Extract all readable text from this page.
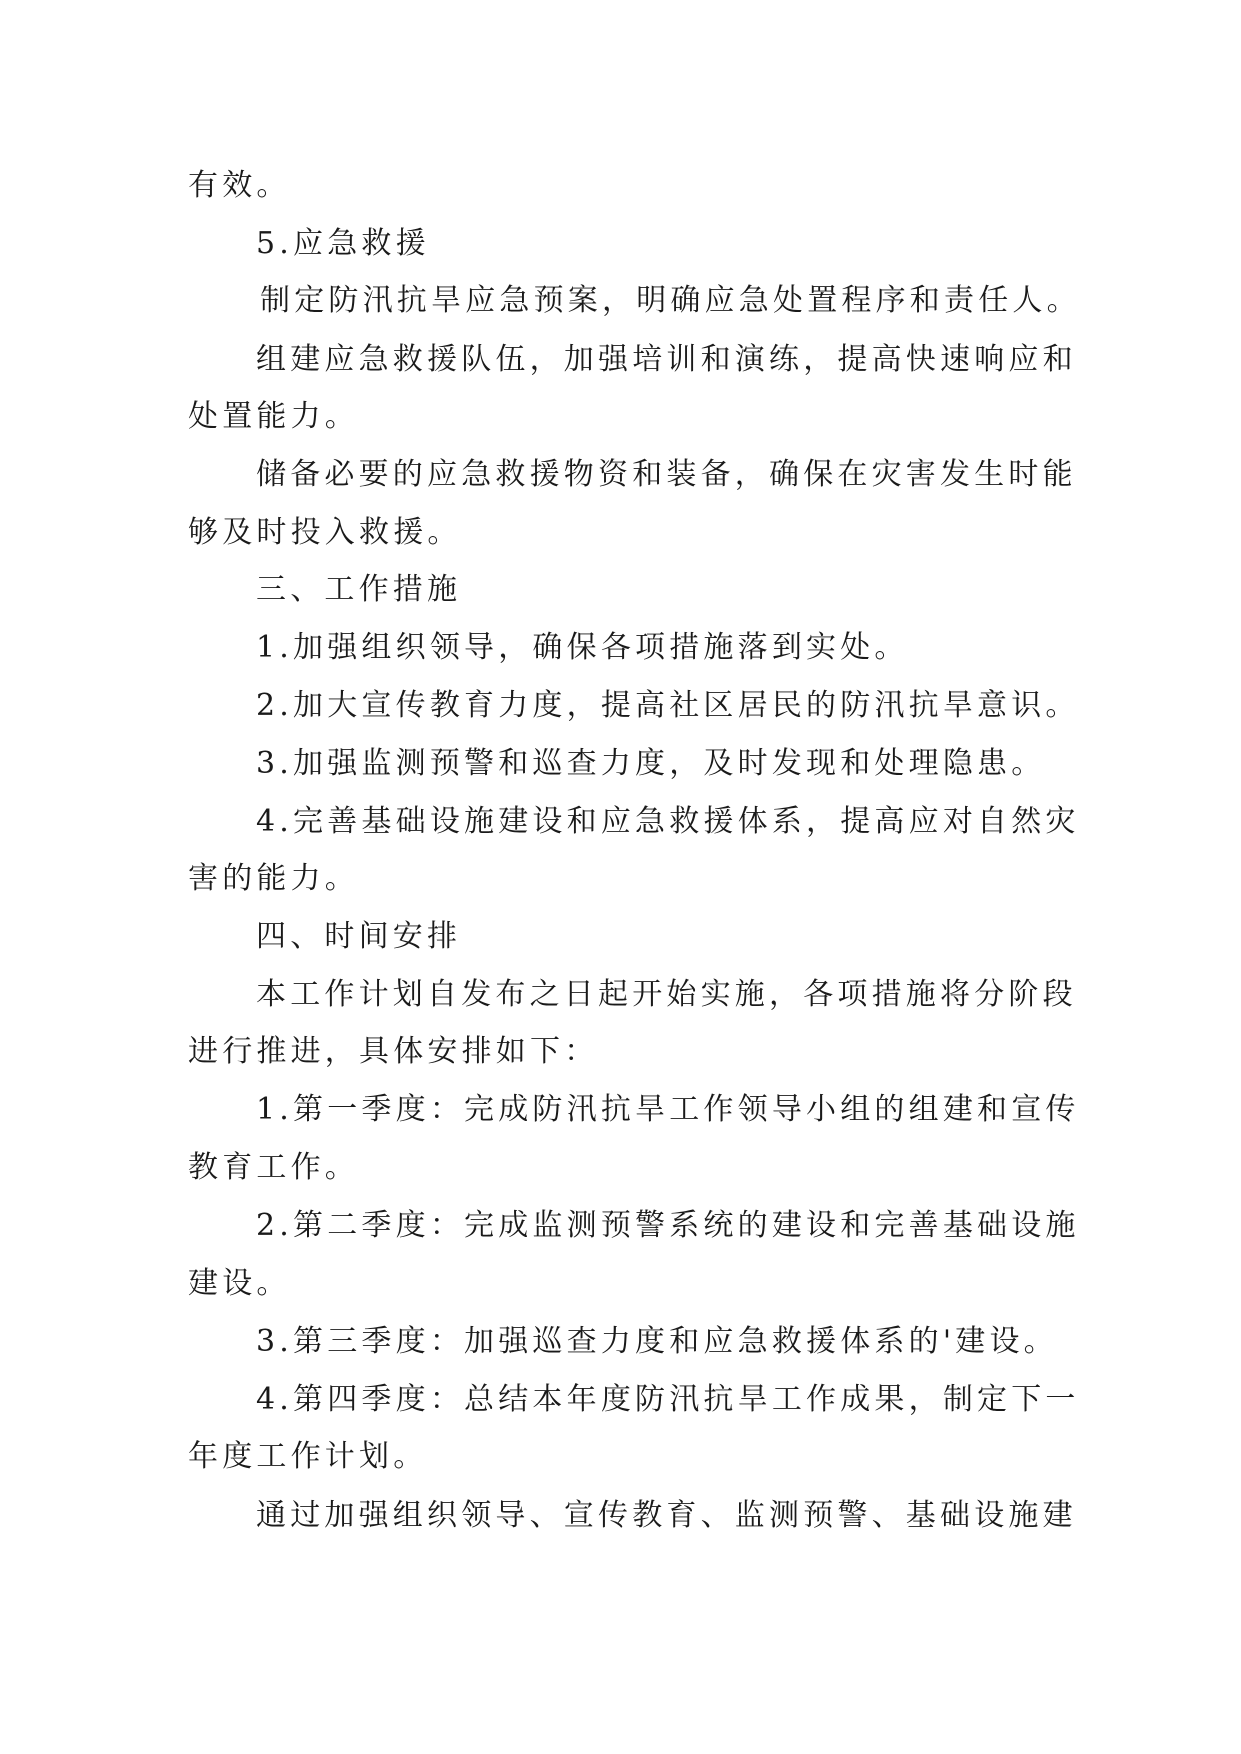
有效。
5.应急救援
制定防汛抗旱应急预案，明确应急处置程序和责任人。
组建应急救援队伍，加强培训和演练，提高快速响应和
处置能力。
储备必要的应急救援物资和装备，确保在灾害发生时能
够及时投入救援。
三、工作措施
1.加强组织领导，确保各项措施落到实处。
2.加大宣传教育力度，提高社区居民的防汛抗旱意识。
3.加强监测预警和巡查力度，及时发现和处理隐患。
4.完善基础设施建设和应急救援体系，提高应对自然灾
害的能力。
四、时间安排
本工作计划自发布之日起开始实施，各项措施将分阶段
进行推进，具体安排如下：
1.第一季度：完成防汛抗旱工作领导小组的组建和宣传
教育工作。
2.第二季度：完成监测预警系统的建设和完善基础设施
建设。
3.第三季度：加强巡查力度和应急救援体系的'建设。
4.第四季度：总结本年度防汛抗旱工作成果，制定下一
年度工作计划。
通过加强组织领导、宣传教育、监测预警、基础设施建
